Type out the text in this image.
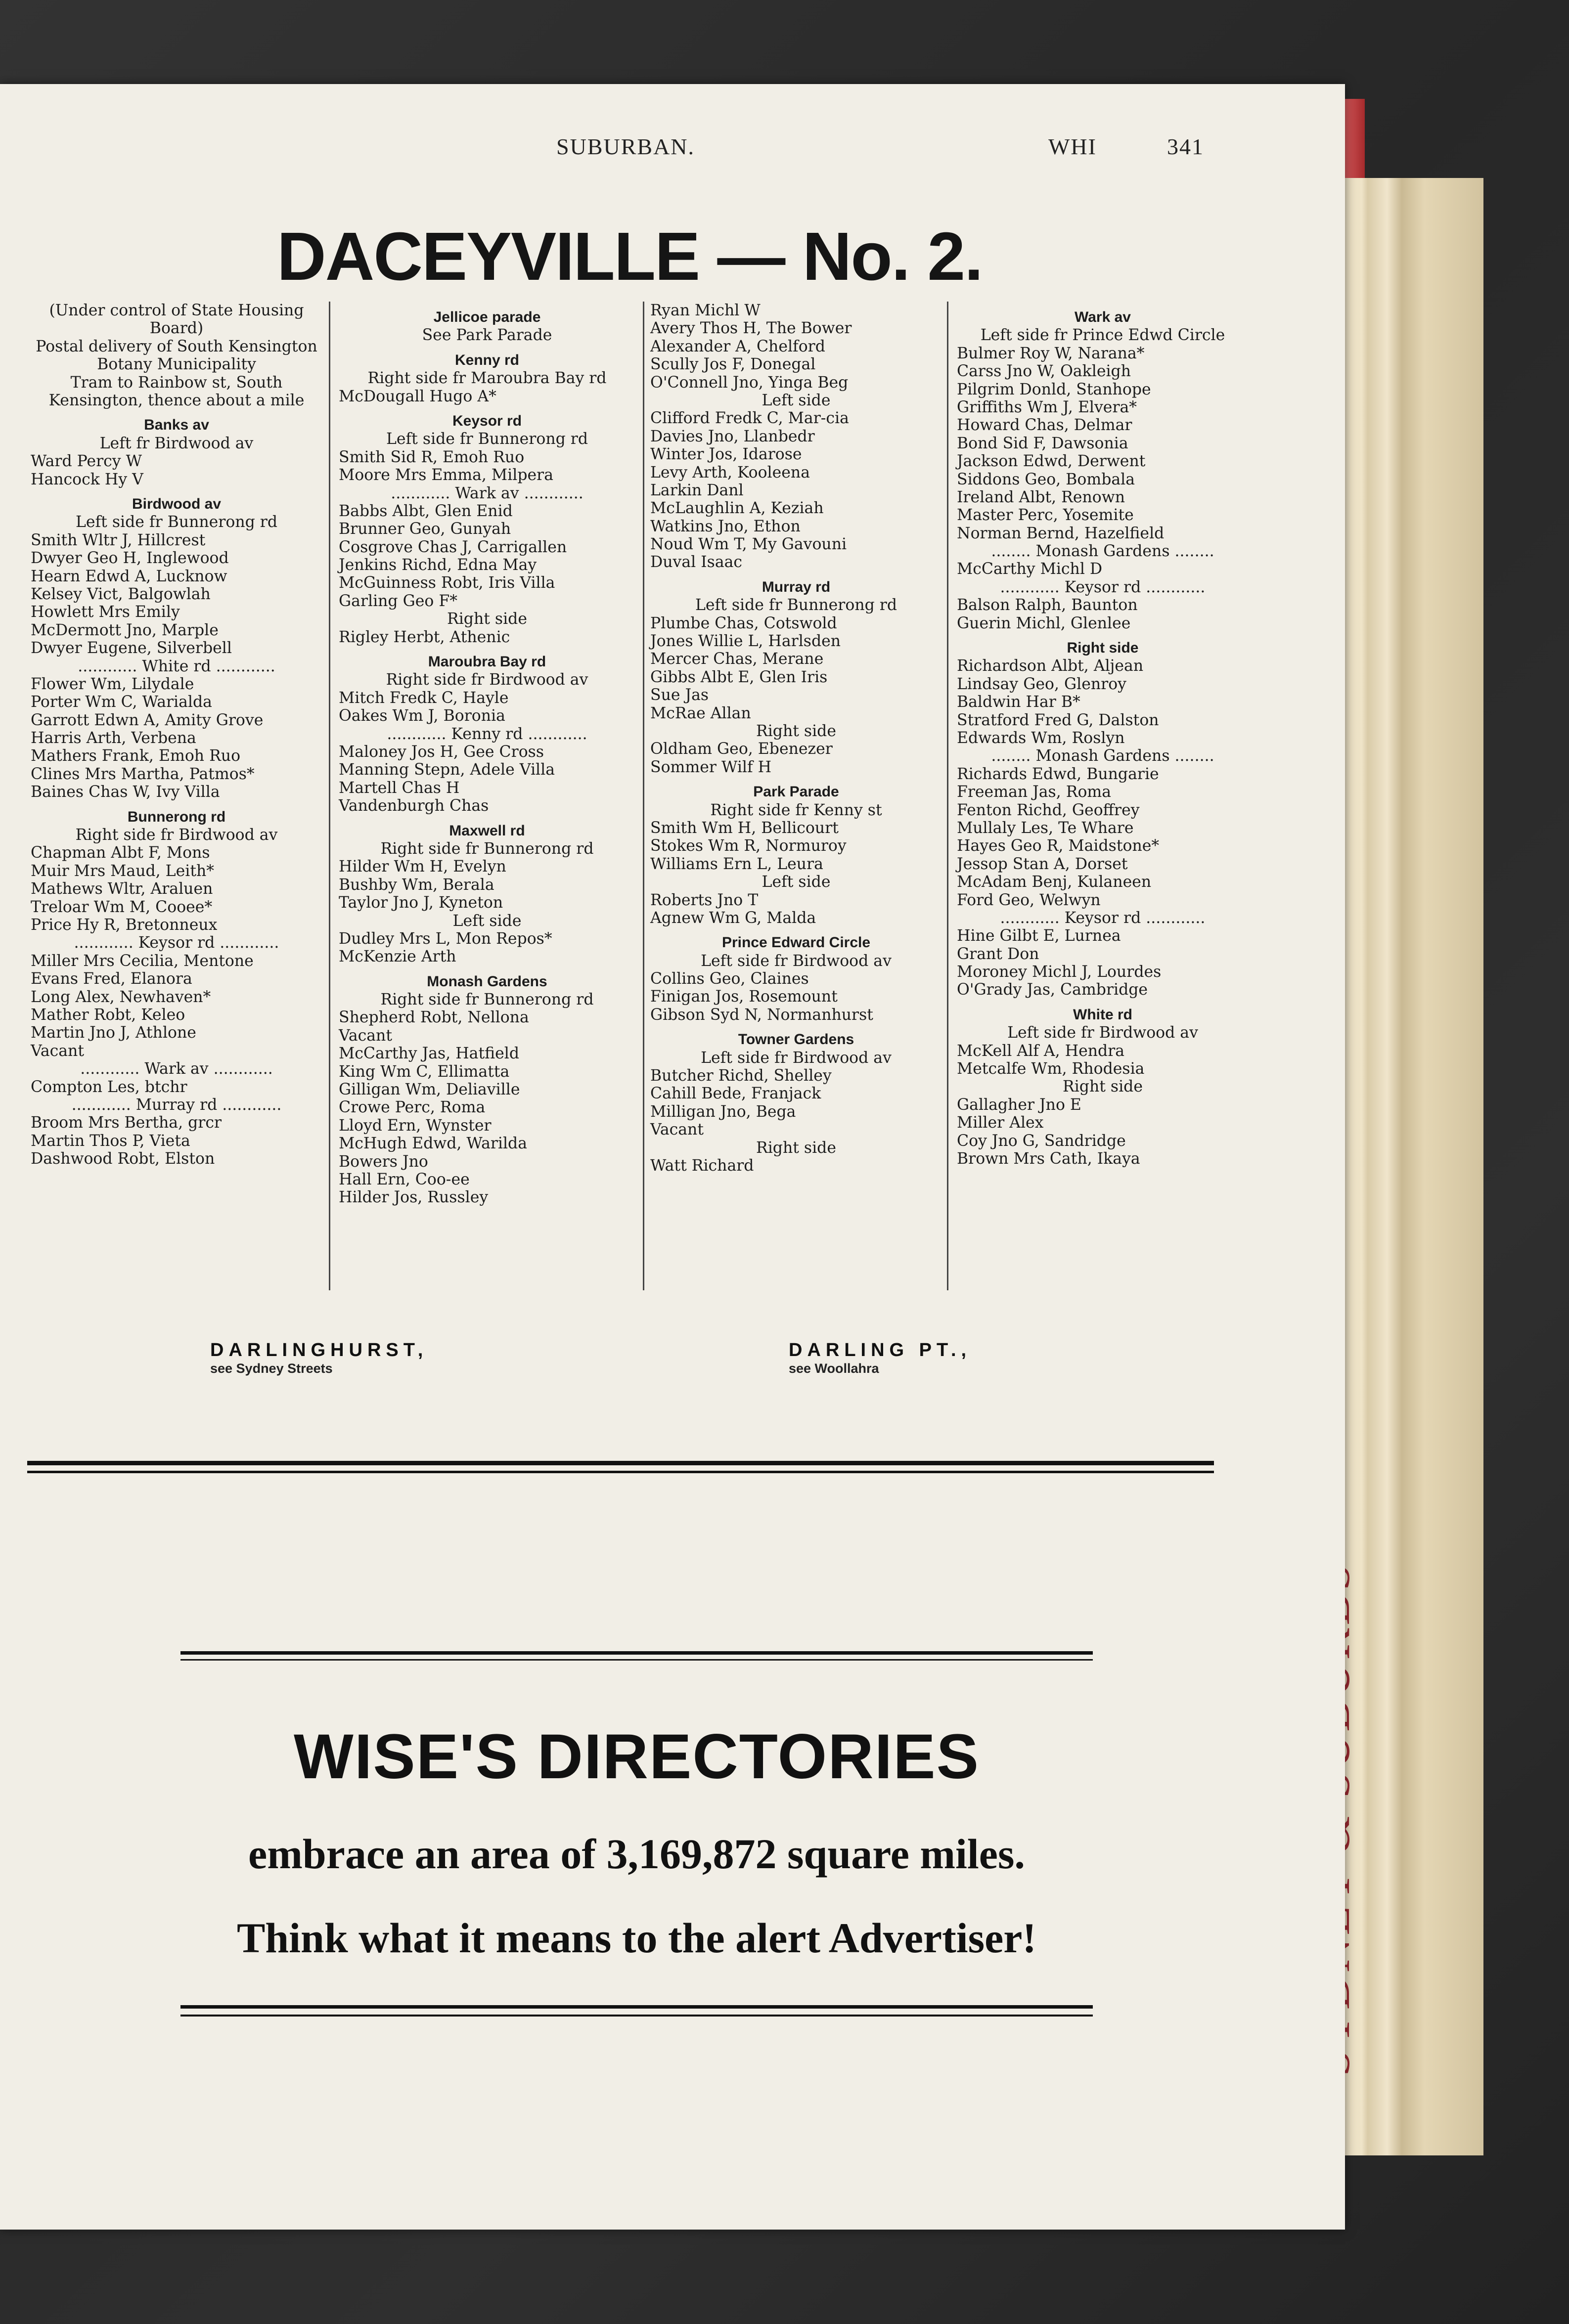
SUBURBAN.	WHI	341
DACEYVILLE — No. 2.
(Under control of State Housing Board)
Postal delivery of South Kensington
Botany Municipality
Tram to Rainbow st, South Kensington, thence about a mile
Banks av
Left fr Birdwood av
Ward Percy W
Hancock Hy V
Birdwood av
Left side fr Bunnerong rd
Smith Wltr J, Hillcrest
Dwyer Geo H, Inglewood
Hearn Edwd A, Lucknow
Kelsey Vict, Balgowlah
Howlett Mrs Emily
McDermott Jno, Marple
Dwyer Eugene, Silverbell
............ White rd ............
Flower Wm, Lilydale
Porter Wm C, Warialda
Garrott Edwn A, Amity Grove
Harris Arth, Verbena
Mathers Frank, Emoh Ruo
Clines Mrs Martha, Patmos*
Baines Chas W, Ivy Villa
Bunnerong rd
Right side fr Birdwood av
Chapman Albt F, Mons
Muir Mrs Maud, Leith*
Mathews Wltr, Araluen
Treloar Wm M, Cooee*
Price Hy R, Bretonneux
............ Keysor rd ............
Miller Mrs Cecilia, Mentone
Evans Fred, Elanora
Long Alex, Newhaven*
Mather Robt, Keleo
Martin Jno J, Athlone
Vacant
............ Wark av ............
Compton Les, btchr
............ Murray rd ............
Broom Mrs Bertha, grcr
Martin Thos P, Vieta
Dashwood Robt, Elston
Jellicoe parade
See Park Parade
Kenny rd
Right side fr Maroubra Bay rd
McDougall Hugo A*
Keysor rd
Left side fr Bunnerong rd
Smith Sid R, Emoh Ruo
Moore Mrs Emma, Milpera
............ Wark av ............
Babbs Albt, Glen Enid
Brunner Geo, Gunyah
Cosgrove Chas J, Carrigallen
Jenkins Richd, Edna May
McGuinness Robt, Iris Villa
Garling Geo F*
Right side
Rigley Herbt, Athenic
Maroubra Bay rd
Right side fr Birdwood av
Mitch Fredk C, Hayle
Oakes Wm J, Boronia
............ Kenny rd ............
Maloney Jos H, Gee Cross
Manning Stepn, Adele Villa
Martell Chas H
Vandenburgh Chas
Maxwell rd
Right side fr Bunnerong rd
Hilder Wm H, Evelyn
Bushby Wm, Berala
Taylor Jno J, Kyneton
Left side
Dudley Mrs L, Mon Repos*
McKenzie Arth
Monash Gardens
Right side fr Bunnerong rd
Shepherd Robt, Nellona
Vacant
McCarthy Jas, Hatfield
King Wm C, Ellimatta
Gilligan Wm, Deliaville
Crowe Perc, Roma
Lloyd Ern, Wynster
McHugh Edwd, Warilda
Bowers Jno
Hall Ern, Coo-ee
Hilder Jos, Russley
Ryan Michl W
Avery Thos H, The Bower
Alexander A, Chelford
Scully Jos F, Donegal
O'Connell Jno, Yinga Beg
Left side
Clifford Fredk C, Mar-cia
Davies Jno, Llanbedr
Winter Jos, Idarose
Levy Arth, Kooleena
Larkin Danl
McLaughlin A, Keziah
Watkins Jno, Ethon
Noud Wm T, My Gavouni
Duval Isaac
Murray rd
Left side fr Bunnerong rd
Plumbe Chas, Cotswold
Jones Willie L, Harlsden
Mercer Chas, Merane
Gibbs Albt E, Glen Iris
Sue Jas
McRae Allan
Right side
Oldham Geo, Ebenezer
Sommer Wilf H
Park Parade
Right side fr Kenny st
Smith Wm H, Bellicourt
Stokes Wm R, Normuroy
Williams Ern L, Leura
Left side
Roberts Jno T
Agnew Wm G, Malda
Prince Edward Circle
Left side fr Birdwood av
Collins Geo, Claines
Finigan Jos, Rosemount
Gibson Syd N, Normanhurst
Towner Gardens
Left side fr Birdwood av
Butcher Richd, Shelley
Cahill Bede, Franjack
Milligan Jno, Bega
Vacant
Right side
Watt Richard
Wark av
Left side fr Prince Edwd Circle
Bulmer Roy W, Narana*
Carss Jno W, Oakleigh
Pilgrim Donld, Stanhope
Griffiths Wm J, Elvera*
Howard Chas, Delmar
Bond Sid F, Dawsonia
Jackson Edwd, Derwent
Siddons Geo, Bombala
Ireland Albt, Renown
Master Perc, Yosemite
Norman Bernd, Hazelfield
........ Monash Gardens ........
McCarthy Michl D
............ Keysor rd ............
Balson Ralph, Baunton
Guerin Michl, Glenlee
Right side
Richardson Albt, Aljean
Lindsay Geo, Glenroy
Baldwin Har B*
Stratford Fred G, Dalston
Edwards Wm, Roslyn
........ Monash Gardens ........
Richards Edwd, Bungarie
Freeman Jas, Roma
Fenton Richd, Geoffrey
Mullaly Les, Te Whare
Hayes Geo R, Maidstone*
Jessop Stan A, Dorset
McAdam Benj, Kulaneen
Ford Geo, Welwyn
............ Keysor rd ............
Hine Gilbt E, Lurnea
Grant Don
Moroney Michl J, Lourdes
O'Grady Jas, Cambridge
White rd
Left side fr Birdwood av
McKell Alf A, Hendra
Metcalfe Wm, Rhodesia
Right side
Gallagher Jno E
Miller Alex
Coy Jno G, Sandridge
Brown Mrs Cath, Ikaya
DARLINGHURST,
see Sydney Streets
DARLING PT.,
see Woollahra
WISE'S DIRECTORIES
embrace an area of 3,169,872 square miles.
Think what it means to the alert Advertiser!
